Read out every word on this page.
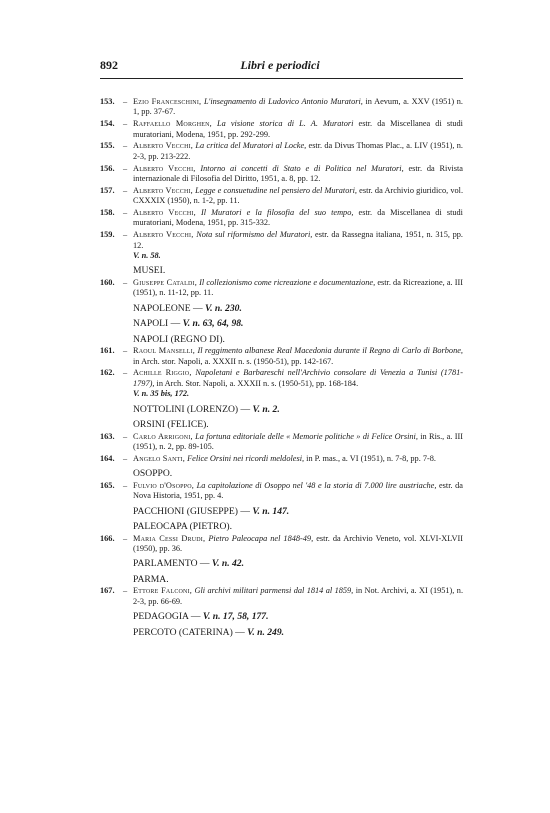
892	Libri e periodici
153. – Ezio Franceschini, L'insegnamento di Ludovico Antonio Muratori, in Aevum, a. XXV (1951) n. 1, pp. 37-67.
154. – Raffaello Morghen, La visione storica di L. A. Muratori estr. da Miscellanea di studi muratoriani, Modena, 1951, pp. 292-299.
155. – Alberto Vecchi, La critica del Muratori al Locke, estr. da Divus Thomas Plac., a. LIV (1951), n. 2-3, pp. 213-222.
156. – Alberto Vecchi, Intorno ai concetti di Stato e di Politica nel Muratori, estr. da Rivista internazionale di Filosofia del Diritto, 1951, a. 8, pp. 12.
157. – Alberto Vecchi, Legge e consuetudine nel pensiero del Muratori, estr. da Archivio giuridico, vol. CXXXIX (1950), n. 1-2, pp. 11.
158. – Alberto Vecchi, Il Muratori e la filosofia del suo tempo, estr. da Miscellanea di studi muratoriani, Modena, 1951, pp. 315-332.
159. – Alberto Vecchi, Nota sul riformismo del Muratori, estr. da Rassegna italiana, 1951, n. 315, pp. 12.
V. n. 58.
MUSEI.
160. – Giuseppe Cataldi, Il collezionismo come ricreazione e documentazione, estr. da Ricreazione, a. III (1951), n. 11-12, pp. 11.
NAPOLEONE — V. n. 230.
NAPOLI — V. n. 63, 64, 98.
NAPOLI (REGNO DI).
161. – Raoul Manselli, Il reggimento albanese Real Macedonia durante il Regno di Carlo di Borbone, in Arch. stor. Napoli, a. XXXII n. s. (1950-51), pp. 142-167.
162. – Achille Riggio, Napoletani e Barbareschi nell'Archivio consolare di Venezia a Tunisi (1781-1797), in Arch. Stor. Napoli, a. XXXII n. s. (1950-51), pp. 168-184.
V. n. 35 bis, 172.
NOTTOLINI (LORENZO) — V. n. 2.
ORSINI (FELICE).
163. – Carlo Arrigoni, La fortuna editoriale delle « Memorie politiche » di Felice Orsini, in Ris., a. III (1951), n. 2, pp. 89-105.
164. – Angelo Santi, Felice Orsini nei ricordi meldolesi, in P. mas., a. VI (1951), n. 7-8, pp. 7-8.
OSOPPO.
165. – Fulvio d'Osoppo, La capitolazione di Osoppo nel '48 e la storia di 7.000 lire austriache, estr. da Nova Historia, 1951, pp. 4.
PACCHIONI (GIUSEPPE) — V. n. 147.
PALEOCAPA (PIETRO).
166. – Maria Cessi Drudi, Pietro Paleocapa nel 1848-49, estr. da Archivio Veneto, vol. XLVI-XLVII (1950), pp. 36.
PARLAMENTO — V. n. 42.
PARMA.
167. – Ettore Falconi, Gli archivi militari parmensi dal 1814 al 1859, in Not. Archivi, a. XI (1951), n. 2-3, pp. 66-69.
PEDAGOGIA — V. n. 17, 58, 177.
PERCOTO (CATERINA) — V. n. 249.
